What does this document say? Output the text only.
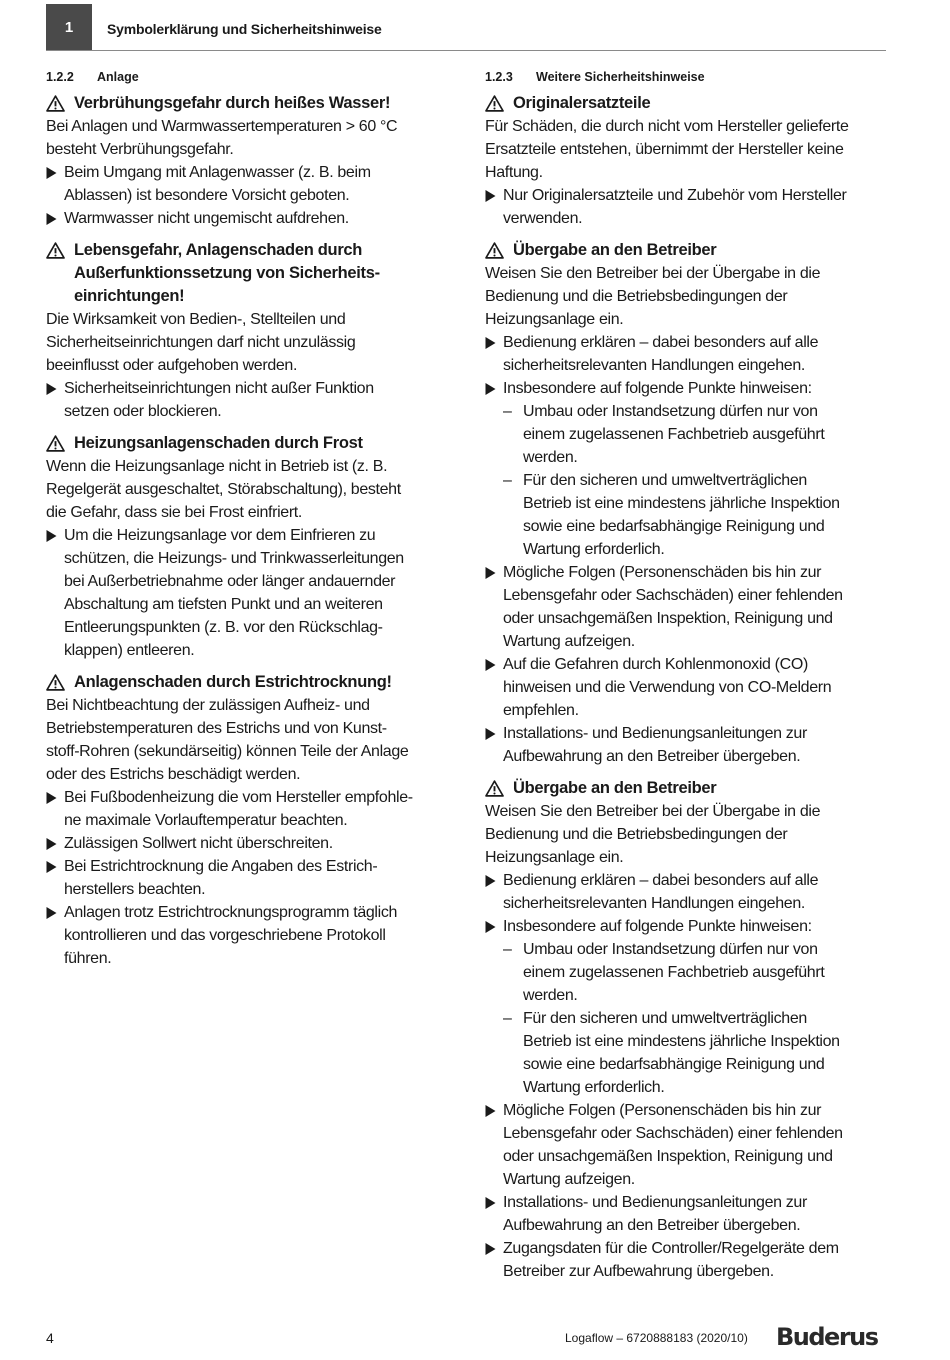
1	Symbolerklärung und Sicherheitshinweise
1.2.2	Anlage
Verbrühungsgefahr durch heißes Wasser!

Bei Anlagen und Warmwassertemperaturen > 60 °C
besteht Verbrühungsgefahr.

Beim Umgang mit Anlagenwasser (z. B. beim
Ablassen) ist besondere Vorsicht geboten.
Warmwasser nicht ungemischt aufdrehen.
Lebensgefahr, Anlagenschaden durch
Außerfunktionssetzung von Sicherheits-
einrichtungen!

Die Wirksamkeit von Bedien-, Stellteilen und
Sicherheitseinrichtungen darf nicht unzulässig
beeinflusst oder aufgehoben werden.

Sicherheitseinrichtungen nicht außer Funktion
setzen oder blockieren.
Heizungsanlagenschaden durch Frost

Wenn die Heizungsanlage nicht in Betrieb ist (z. B.
Regelgerät ausgeschaltet, Störabschaltung), besteht
die Gefahr, dass sie bei Frost einfriert.

Um die Heizungsanlage vor dem Einfrieren zu
schützen, die Heizungs- und Trinkwasserleitungen
bei Außerbetriebnahme oder länger andauernder
Abschaltung am tiefsten Punkt und an weiteren
Entleerungspunkten (z. B. vor den Rückschlag-
klappen) entleeren.
Anlagenschaden durch Estrichtrocknung!

Bei Nichtbeachtung der zulässigen Aufheiz- und
Betriebstemperaturen des Estrichs und von Kunst-
stoff-Rohren (sekundärseitig) können Teile der Anlage
oder des Estrichs beschädigt werden.

Bei Fußbodenheizung die vom Hersteller empfohle-
ne maximale Vorlauftemperatur beachten.
Zulässigen Sollwert nicht überschreiten.
Bei Estrichtrocknung die Angaben des Estrich-
herstellers beachten.
Anlagen trotz Estrichtrocknungsprogramm täglich
kontrollieren und das vorgeschriebene Protokoll
führen.
1.2.3	Weitere Sicherheitshinweise
Originalersatzteile

Für Schäden, die durch nicht vom Hersteller gelieferte
Ersatzteile entstehen, übernimmt der Hersteller keine
Haftung.

Nur Originalersatzteile und Zubehör vom Hersteller
verwenden.
Übergabe an den Betreiber

Weisen Sie den Betreiber bei der Übergabe in die
Bedienung und die Betriebsbedingungen der
Heizungsanlage ein.

Bedienung erklären – dabei besonders auf alle
sicherheitsrelevanten Handlungen eingehen.
Insbesondere auf folgende Punkte hinweisen:
– Umbau oder Instandsetzung dürfen nur von
einem zugelassenen Fachbetrieb ausgeführt
werden.
– Für den sicheren und umweltverträglichen
Betrieb ist eine mindestens jährliche Inspektion
sowie eine bedarfsabhängige Reinigung und
Wartung erforderlich.
Mögliche Folgen (Personenschäden bis hin zur
Lebensgefahr oder Sachschäden) einer fehlenden
oder unsachgemäßen Inspektion, Reinigung und
Wartung aufzeigen.
Auf die Gefahren durch Kohlenmonoxid (CO)
hinweisen und die Verwendung von CO-Meldern
empfehlen.
Installations- und Bedienungsanleitungen zur
Aufbewahrung an den Betreiber übergeben.
Übergabe an den Betreiber

Weisen Sie den Betreiber bei der Übergabe in die
Bedienung und die Betriebsbedingungen der
Heizungsanlage ein.

Bedienung erklären – dabei besonders auf alle
sicherheitsrelevanten Handlungen eingehen.
Insbesondere auf folgende Punkte hinweisen:
– Umbau oder Instandsetzung dürfen nur von
einem zugelassenen Fachbetrieb ausgeführt
werden.
– Für den sicheren und umweltverträglichen
Betrieb ist eine mindestens jährliche Inspektion
sowie eine bedarfsabhängige Reinigung und
Wartung erforderlich.
Mögliche Folgen (Personenschäden bis hin zur
Lebensgefahr oder Sachschäden) einer fehlenden
oder unsachgemäßen Inspektion, Reinigung und
Wartung aufzeigen.
Installations- und Bedienungsanleitungen zur
Aufbewahrung an den Betreiber übergeben.
Zugangsdaten für die Controller/Regelgeräte dem
Betreiber zur Aufbewahrung übergeben.
4	Logaflow – 6720888183 (2020/10) Buderus
